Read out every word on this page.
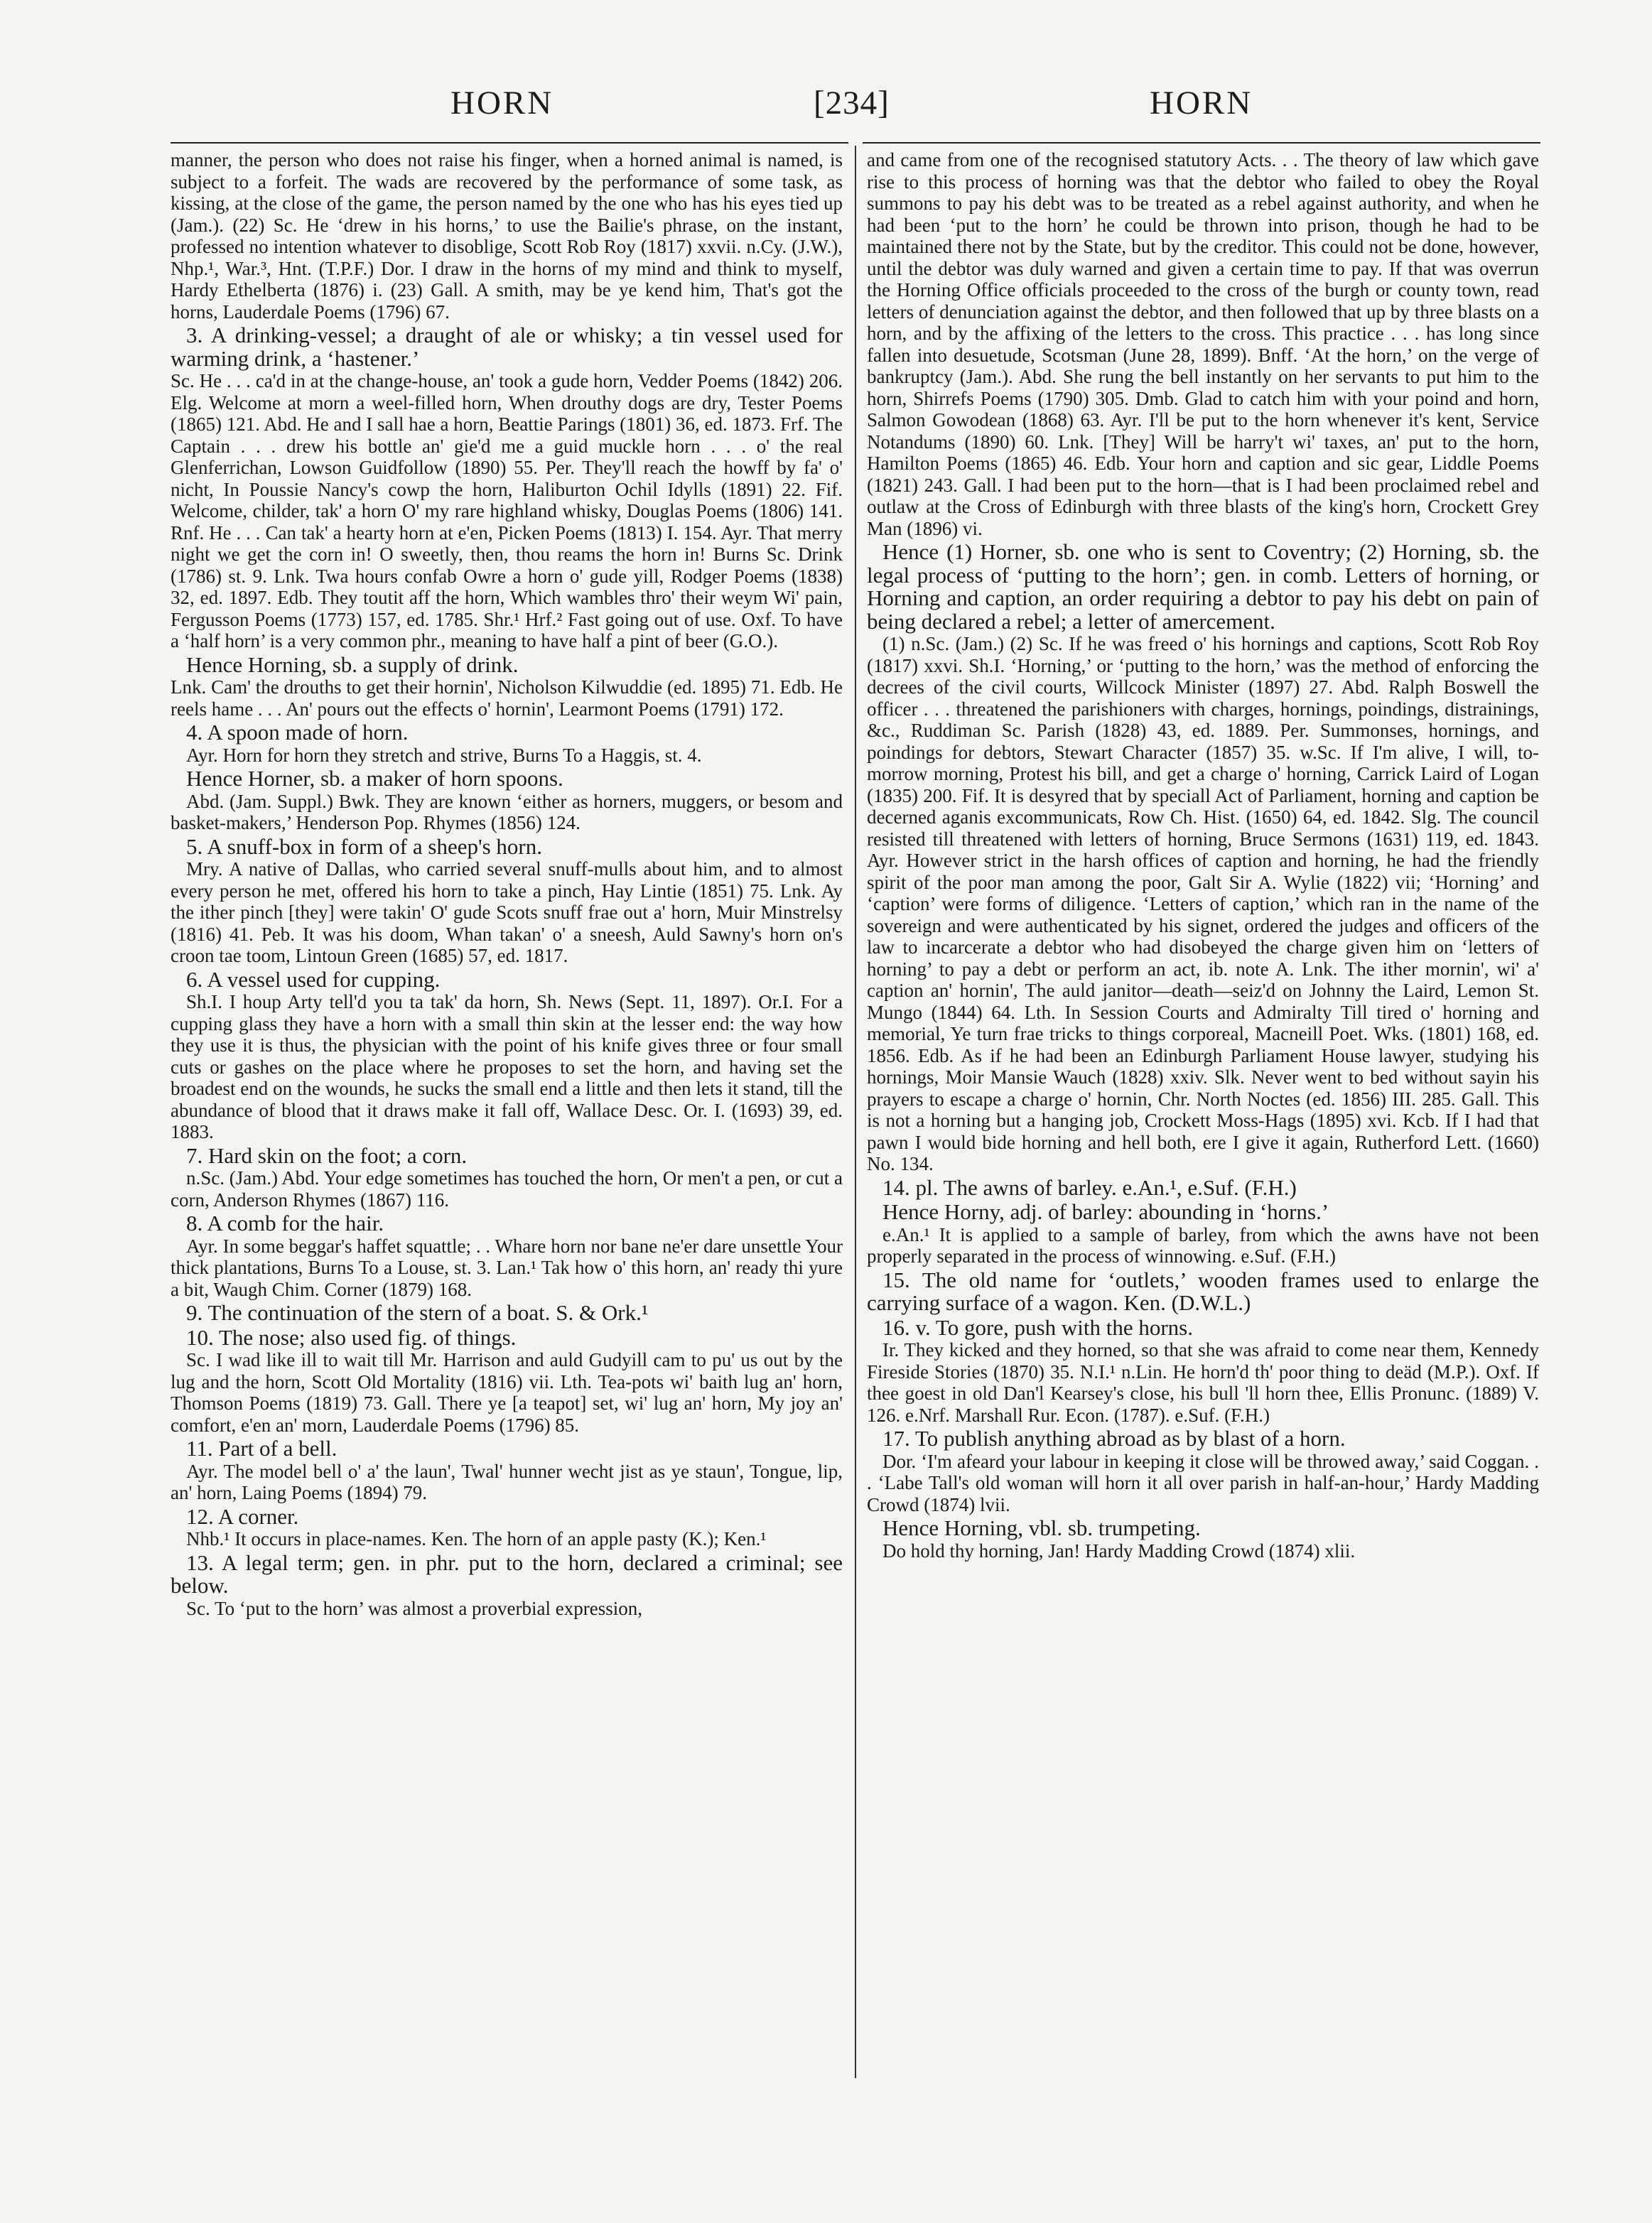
HORN	[234]	HORN

manner, the person who does not raise his finger, when a horned animal is named, is subject to a forfeit. The wads are recovered by the performance of some task, as kissing, at the close of the game, the person named by the one who has his eyes tied up (Jam.). (22) Sc. He ‘drew in his horns,’ to use the Bailie's phrase, on the instant, professed no intention whatever to disoblige, Scott Rob Roy (1817) xxvii. n.Cy. (J.W.), Nhp.¹, War.³, Hnt. (T.P.F.) Dor. I draw in the horns of my mind and think to myself, Hardy Ethelberta (1876) i. (23) Gall. A smith, may be ye kend him, That's got the horns, Lauderdale Poems (1796) 67.

3. A drinking-vessel; a draught of ale or whisky; a tin vessel used for warming drink, a ‘hastener.’

Sc. He . . . ca'd in at the change-house, an' took a gude horn, Vedder Poems (1842) 206. Elg. Welcome at morn a weel-filled horn, When drouthy dogs are dry, Tester Poems (1865) 121. Abd. He and I sall hae a horn, Beattie Parings (1801) 36, ed. 1873. Frf. The Captain . . . drew his bottle an' gie'd me a guid muckle horn . . . o' the real Glenferrichan, Lowson Guidfollow (1890) 55. Per. They'll reach the howff by fa' o' nicht, In Poussie Nancy's cowp the horn, Haliburton Ochil Idylls (1891) 22. Fif. Welcome, childer, tak' a horn O' my rare highland whisky, Douglas Poems (1806) 141. Rnf. He . . . Can tak' a hearty horn at e'en, Picken Poems (1813) I. 154. Ayr. That merry night we get the corn in! O sweetly, then, thou reams the horn in! Burns Sc. Drink (1786) st. 9. Lnk. Twa hours confab Owre a horn o' gude yill, Rodger Poems (1838) 32, ed. 1897. Edb. They toutit aff the horn, Which wambles thro' their weym Wi' pain, Fergusson Poems (1773) 157, ed. 1785. Shr.¹ Hrf.² Fast going out of use. Oxf. To have a ‘half horn’ is a very common phr., meaning to have half a pint of beer (G.O.).

Hence Horning, sb. a supply of drink.

Lnk. Cam' the drouths to get their hornin', Nicholson Kilwuddie (ed. 1895) 71. Edb. He reels hame . . . An' pours out the effects o' hornin', Learmont Poems (1791) 172.

4. A spoon made of horn.

Ayr. Horn for horn they stretch and strive, Burns To a Haggis, st. 4.

Hence Horner, sb. a maker of horn spoons.

Abd. (Jam. Suppl.) Bwk. They are known ‘either as horners, muggers, or besom and basket-makers,’ Henderson Pop. Rhymes (1856) 124.

5. A snuff-box in form of a sheep's horn.

Mry. A native of Dallas, who carried several snuff-mulls about him, and to almost every person he met, offered his horn to take a pinch, Hay Lintie (1851) 75. Lnk. Ay the ither pinch [they] were takin' O' gude Scots snuff frae out a' horn, Muir Minstrelsy (1816) 41. Peb. It was his doom, Whan takan' o' a sneesh, Auld Sawny's horn on's croon tae toom, Lintoun Green (1685) 57, ed. 1817.

6. A vessel used for cupping.

Sh.I. I houp Arty tell'd you ta tak' da horn, Sh. News (Sept. 11, 1897). Or.I. For a cupping glass they have a horn with a small thin skin at the lesser end: the way how they use it is thus, the physician with the point of his knife gives three or four small cuts or gashes on the place where he proposes to set the horn, and having set the broadest end on the wounds, he sucks the small end a little and then lets it stand, till the abundance of blood that it draws make it fall off, Wallace Desc. Or. I. (1693) 39, ed. 1883.

7. Hard skin on the foot; a corn.

n.Sc. (Jam.) Abd. Your edge sometimes has touched the horn, Or men't a pen, or cut a corn, Anderson Rhymes (1867) 116.

8. A comb for the hair.

Ayr. In some beggar's haffet squattle; . . Whare horn nor bane ne'er dare unsettle Your thick plantations, Burns To a Louse, st. 3. Lan.¹ Tak how o' this horn, an' ready thi yure a bit, Waugh Chim. Corner (1879) 168.

9. The continuation of the stern of a boat. S. & Ork.¹

10. The nose; also used fig. of things.

Sc. I wad like ill to wait till Mr. Harrison and auld Gudyill cam to pu' us out by the lug and the horn, Scott Old Mortality (1816) vii. Lth. Tea-pots wi' baith lug an' horn, Thomson Poems (1819) 73. Gall. There ye [a teapot] set, wi' lug an' horn, My joy an' comfort, e'en an' morn, Lauderdale Poems (1796) 85.

11. Part of a bell.

Ayr. The model bell o' a' the laun', Twal' hunner wecht jist as ye staun', Tongue, lip, an' horn, Laing Poems (1894) 79.

12. A corner.

Nhb.¹ It occurs in place-names. Ken. The horn of an apple pasty (K.); Ken.¹

13. A legal term; gen. in phr. put to the horn, declared a criminal; see below.

Sc. To ‘put to the horn’ was almost a proverbial expression,

and came from one of the recognised statutory Acts. . . The theory of law which gave rise to this process of horning was that the debtor who failed to obey the Royal summons to pay his debt was to be treated as a rebel against authority, and when he had been ‘put to the horn’ he could be thrown into prison, though he had to be maintained there not by the State, but by the creditor. This could not be done, however, until the debtor was duly warned and given a certain time to pay. If that was overrun the Horning Office officials proceeded to the cross of the burgh or county town, read letters of denunciation against the debtor, and then followed that up by three blasts on a horn, and by the affixing of the letters to the cross. This practice . . . has long since fallen into desuetude, Scotsman (June 28, 1899). Bnff. ‘At the horn,’ on the verge of bankruptcy (Jam.). Abd. She rung the bell instantly on her servants to put him to the horn, Shirrefs Poems (1790) 305. Dmb. Glad to catch him with your poind and horn, Salmon Gowodean (1868) 63. Ayr. I'll be put to the horn whenever it's kent, Service Notandums (1890) 60. Lnk. [They] Will be harry't wi' taxes, an' put to the horn, Hamilton Poems (1865) 46. Edb. Your horn and caption and sic gear, Liddle Poems (1821) 243. Gall. I had been put to the horn—that is I had been proclaimed rebel and outlaw at the Cross of Edinburgh with three blasts of the king's horn, Crockett Grey Man (1896) vi.

Hence (1) Horner, sb. one who is sent to Coventry; (2) Horning, sb. the legal process of ‘putting to the horn’; gen. in comb. Letters of horning, or Horning and caption, an order requiring a debtor to pay his debt on pain of being declared a rebel; a letter of amercement.

(1) n.Sc. (Jam.) (2) Sc. If he was freed o' his hornings and captions, Scott Rob Roy (1817) xxvi. Sh.I. ‘Horning,’ or ‘putting to the horn,’ was the method of enforcing the decrees of the civil courts, Willcock Minister (1897) 27. Abd. Ralph Boswell the officer . . . threatened the parishioners with charges, hornings, poindings, distrainings, &c., Ruddiman Sc. Parish (1828) 43, ed. 1889. Per. Summonses, hornings, and poindings for debtors, Stewart Character (1857) 35. w.Sc. If I'm alive, I will, to-morrow morning, Protest his bill, and get a charge o' horning, Carrick Laird of Logan (1835) 200. Fif. It is desyred that by speciall Act of Parliament, horning and caption be decerned aganis excommunicats, Row Ch. Hist. (1650) 64, ed. 1842. Slg. The council resisted till threatened with letters of horning, Bruce Sermons (1631) 119, ed. 1843. Ayr. However strict in the harsh offices of caption and horning, he had the friendly spirit of the poor man among the poor, Galt Sir A. Wylie (1822) vii; ‘Horning’ and ‘caption’ were forms of diligence. ‘Letters of caption,’ which ran in the name of the sovereign and were authenticated by his signet, ordered the judges and officers of the law to incarcerate a debtor who had disobeyed the charge given him on ‘letters of horning’ to pay a debt or perform an act, ib. note A. Lnk. The ither mornin', wi' a' caption an' hornin', The auld janitor—death—seiz'd on Johnny the Laird, Lemon St. Mungo (1844) 64. Lth. In Session Courts and Admiralty Till tired o' horning and memorial, Ye turn frae tricks to things corporeal, Macneill Poet. Wks. (1801) 168, ed. 1856. Edb. As if he had been an Edinburgh Parliament House lawyer, studying his hornings, Moir Mansie Wauch (1828) xxiv. Slk. Never went to bed without sayin his prayers to escape a charge o' hornin, Chr. North Noctes (ed. 1856) III. 285. Gall. This is not a horning but a hanging job, Crockett Moss-Hags (1895) xvi. Kcb. If I had that pawn I would bide horning and hell both, ere I give it again, Rutherford Lett. (1660) No. 134.

14. pl. The awns of barley. e.An.¹, e.Suf. (F.H.)

Hence Horny, adj. of barley: abounding in ‘horns.’

e.An.¹ It is applied to a sample of barley, from which the awns have not been properly separated in the process of winnowing. e.Suf. (F.H.)

15. The old name for ‘outlets,’ wooden frames used to enlarge the carrying surface of a wagon. Ken. (D.W.L.)

16. v. To gore, push with the horns.

Ir. They kicked and they horned, so that she was afraid to come near them, Kennedy Fireside Stories (1870) 35. N.I.¹ n.Lin. He horn'd th' poor thing to deäd (M.P.). Oxf. If thee goest in old Dan'l Kearsey's close, his bull 'll horn thee, Ellis Pronunc. (1889) V. 126. e.Nrf. Marshall Rur. Econ. (1787). e.Suf. (F.H.)

17. To publish anything abroad as by blast of a horn.

Dor. ‘I'm afeard your labour in keeping it close will be throwed away,’ said Coggan. . . ‘Labe Tall's old woman will horn it all over parish in half-an-hour,’ Hardy Madding Crowd (1874) lvii.

Hence Horning, vbl. sb. trumpeting.

Do hold thy horning, Jan! Hardy Madding Crowd (1874) xlii.
